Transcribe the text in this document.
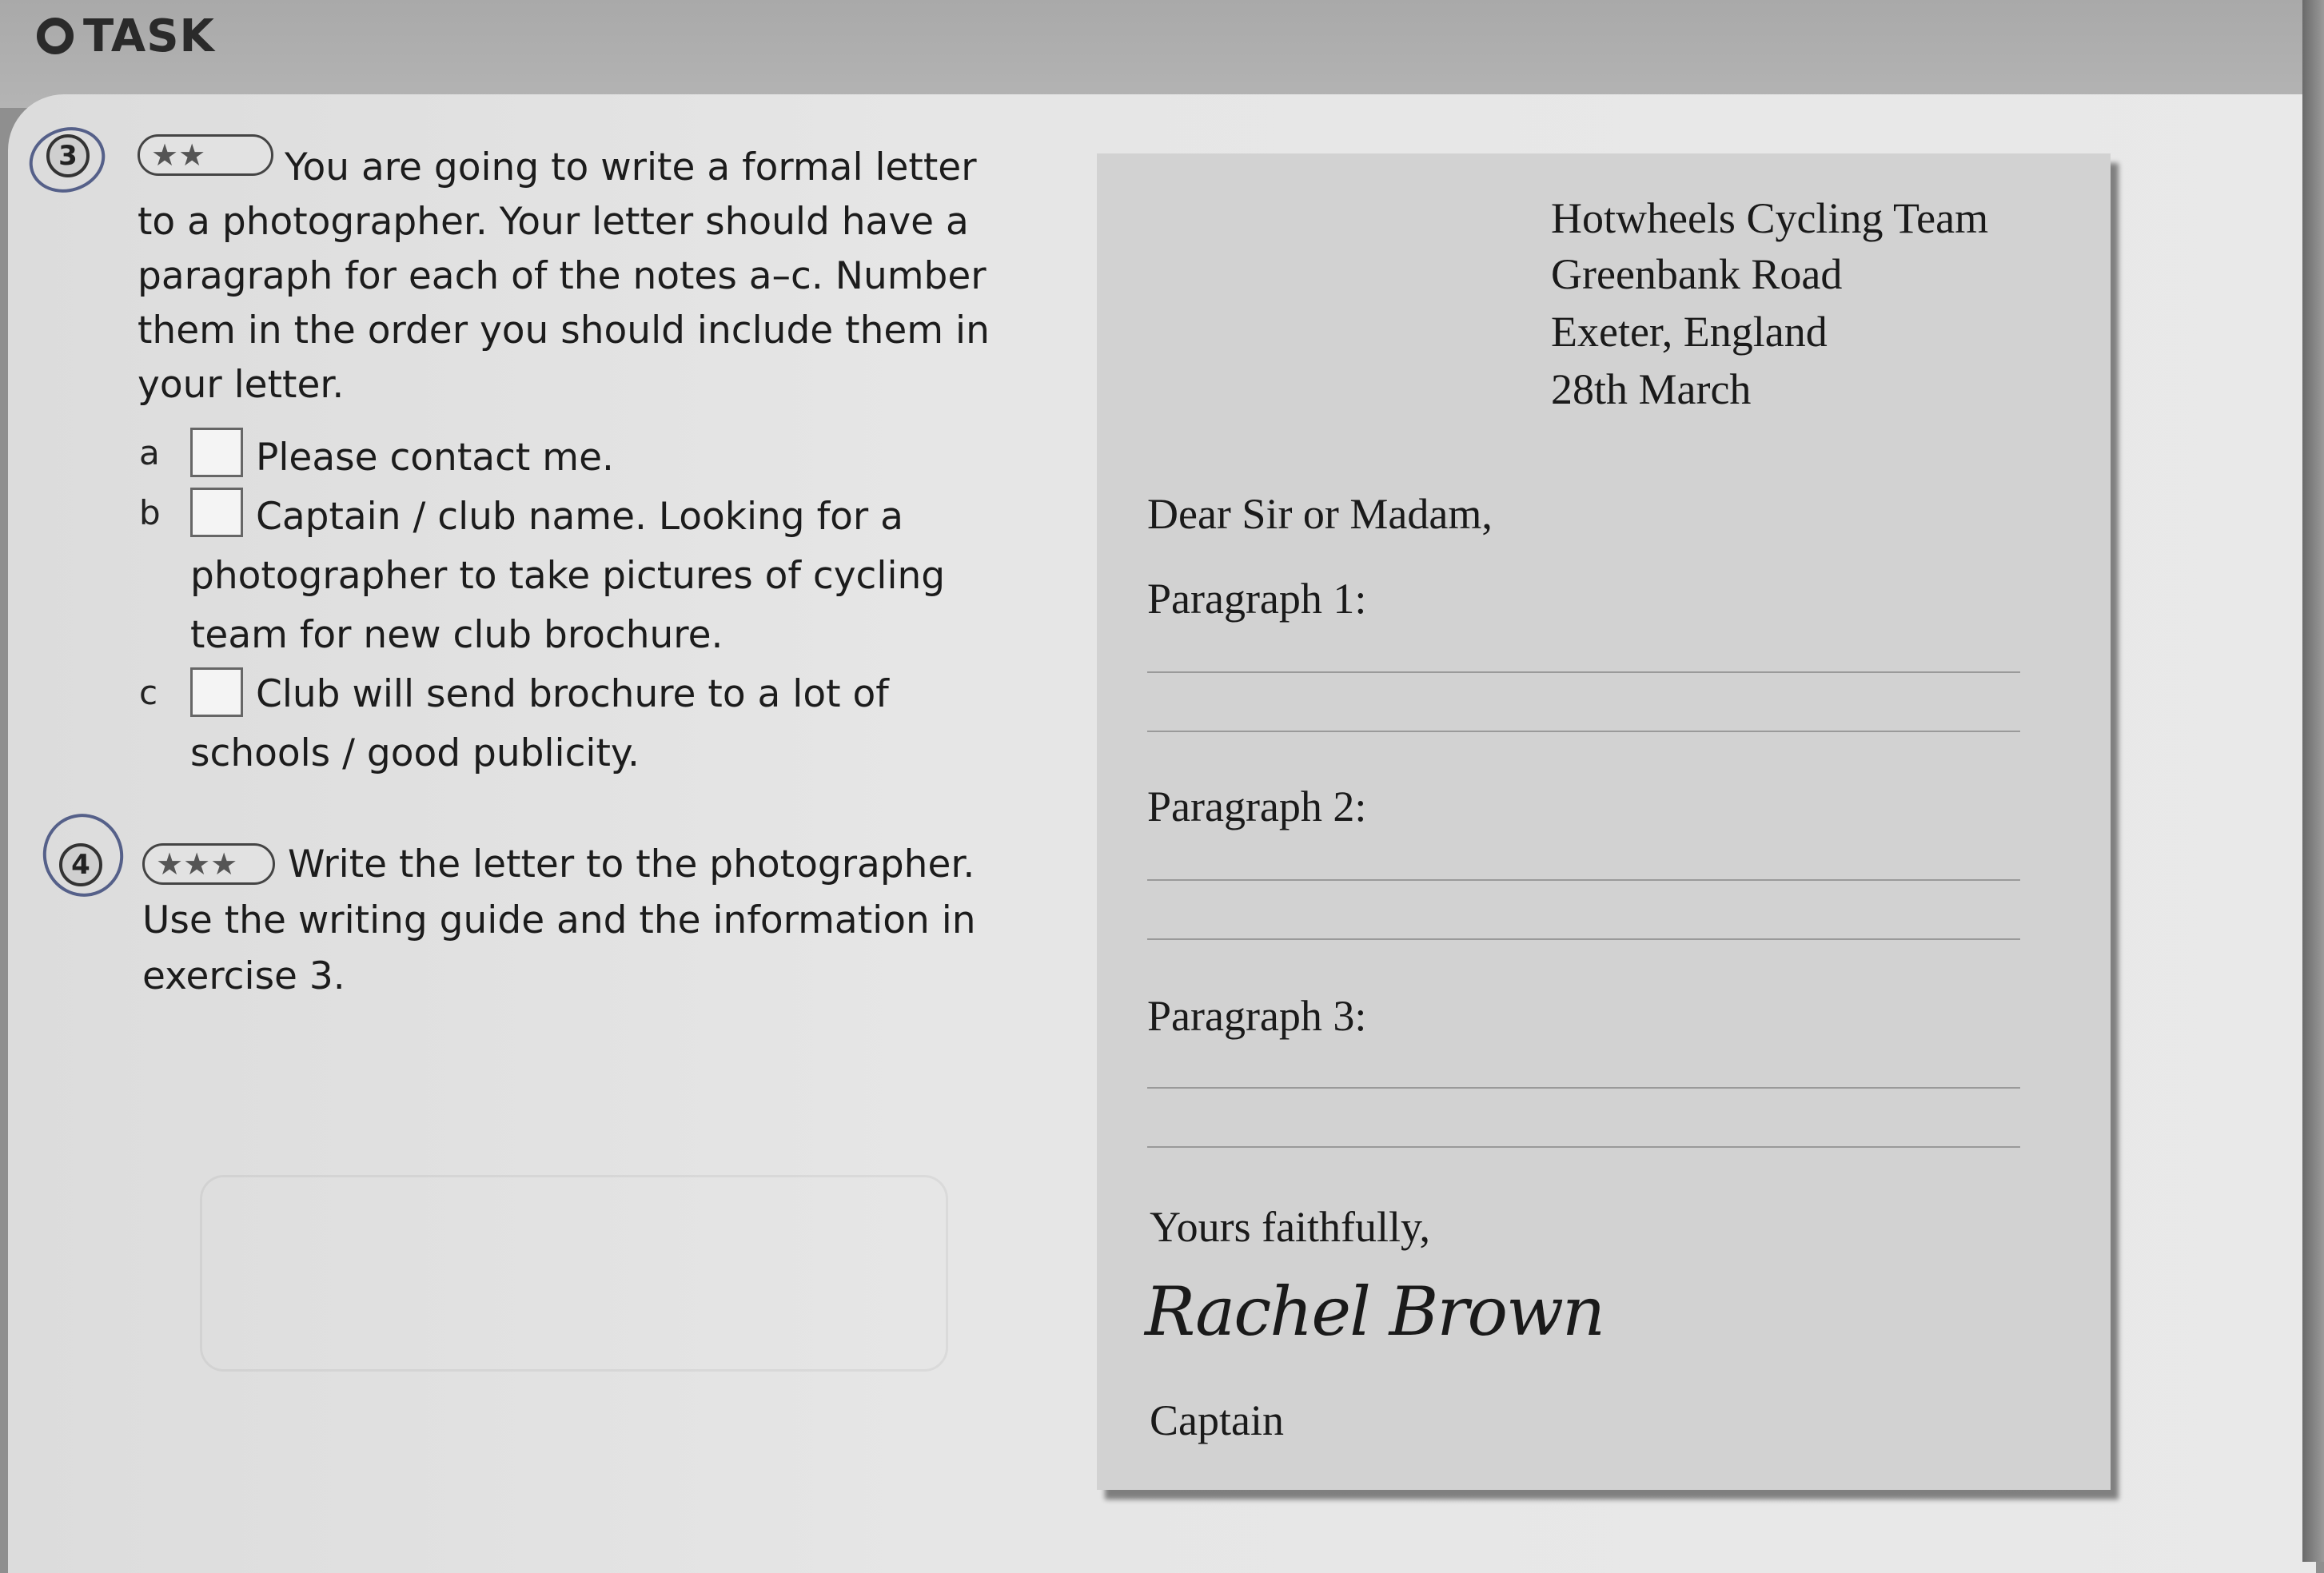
TASK
3	★★	You are going to write a formal letter
to a photographer. Your letter should have a
paragraph for each of the notes a–c. Number
them in the order you should include them in
your letter.
a	Please contact me.
b	Captain / club name. Looking for a
photographer to take pictures of cycling
team for new club brochure.
c	Club will send brochure to a lot of
schools / good publicity.
4	★★★	Write the letter to the photographer.
Use the writing guide and the information in
exercise 3.
Hotwheels Cycling Team
Greenbank Road
Exeter, England
28th March
Dear Sir or Madam,
Paragraph 1:
Paragraph 2:
Paragraph 3:
Yours faithfully,
Rachel Brown
Captain
